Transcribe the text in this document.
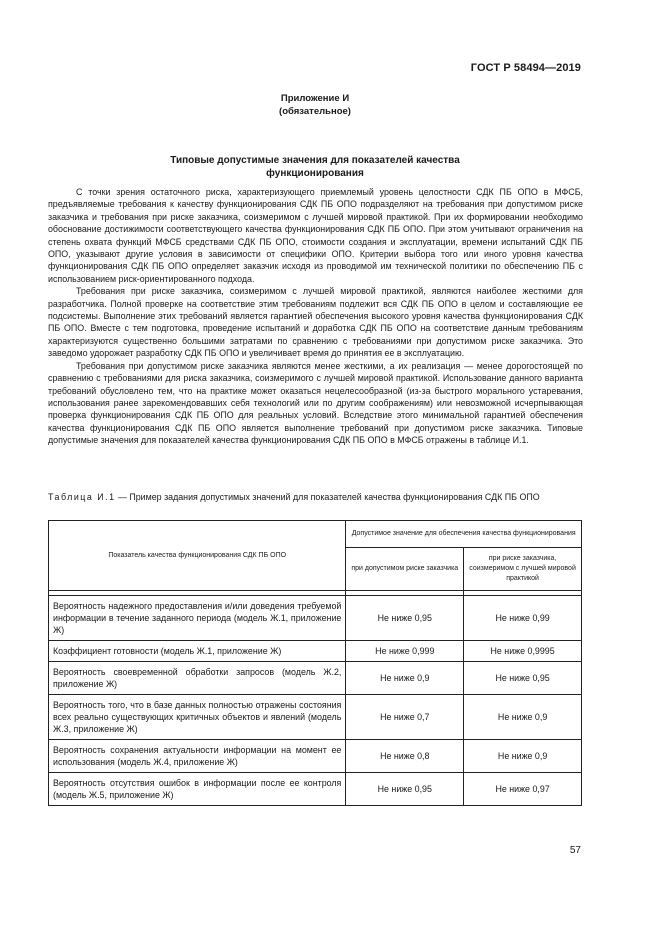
ГОСТ Р 58494—2019
Приложение И
(обязательное)
Типовые допустимые значения для показателей качества
функционирования

С точки зрения остаточного риска, характеризующего приемлемый уровень целостности СДК ПБ ОПО в МФСБ, предъявляемые требования к качеству функционирования СДК ПБ ОПО подразделяют на требования при допустимом риске заказчика и требования при риске заказчика, соизмеримом с лучшей мировой практикой. При их формировании необходимо обоснование достижимости соответствующего качества функционирования СДК ПБ ОПО. При этом учитывают ограничения на степень охвата функций МФСБ средствами СДК ПБ ОПО, стоимости создания и эксплуатации, времени испытаний СДК ПБ ОПО, указывают другие условия в зависимости от специфики ОПО. Критерии выбора того или иного уровня качества функционирования СДК ПБ ОПО определяет заказчик исходя из проводимой им технической политики по обеспечению ПБ с использованием риск-ориентированного подхода.

Требования при риске заказчика, соизмеримом с лучшей мировой практикой, являются наиболее жесткими для разработчика. Полной проверке на соответствие этим требованиям подлежит вся СДК ПБ ОПО в целом и составляющие ее подсистемы. Выполнение этих требований является гарантией обеспечения высокого уровня качества функционирования СДК ПБ ОПО. Вместе с тем подготовка, проведение испытаний и доработка СДК ПБ ОПО на соответствие данным требованиям характеризуются существенно большими затратами по сравнению с требованиями при допустимом риске заказчика. Это заведомо удорожает разработку СДК ПБ ОПО и увеличивает время до принятия ее в эксплуатацию.

Требования при допустимом риске заказчика являются менее жесткими, а их реализация — менее дорогостоящей по сравнению с требованиями для риска заказчика, соизмеримого с лучшей мировой практикой. Использование данного варианта требований обусловлено тем, что на практике может оказаться нецелесообразной (из-за быстрого морального устаревания, использования ранее зарекомендовавших себя технологий или по другим соображениям) или невозможной исчерпывающая проверка функционирования СДК ПБ ОПО для реальных условий. Вследствие этого минимальной гарантией обеспечения качества функционирования СДК ПБ ОПО является выполнение требований при допустимом риске заказчика. Типовые допустимые значения для показателей качества функционирования СДК ПБ ОПО в МФСБ отражены в таблице И.1.

Таблица И.1 — Пример задания допустимых значений для показателей качества функционирования СДК ПБ ОПО
Показатель качества функционирования СДК ПБ ОПО	Допустимое значение для обеспечения качества функционирования	
	при допустимом риске заказчика	при риске заказчика, соизмеримом с лучшей мировой практикой

Вероятность надежного предоставления и/или доведения требуемой информации в течение заданного периода (модель Ж.1, приложение Ж)	Не ниже 0,95	Не ниже 0,99
Коэффициент готовности (модель Ж.1, приложение Ж)	Не ниже 0,999	Не ниже 0,9995
Вероятность своевременной обработки запросов (модель Ж.2, приложение Ж)	Не ниже 0,9	Не ниже 0,95
Вероятность того, что в базе данных полностью отражены состояния всех реально существующих критичных объектов и явлений (модель Ж.3, приложение Ж)	Не ниже 0,7	Не ниже 0,9
Вероятность сохранения актуальности информации на момент ее использования (модель Ж.4, приложение Ж)	Не ниже 0,8	Не ниже 0,9
Вероятность отсутствия ошибок в информации после ее контроля (модель Ж.5, приложение Ж)	Не ниже 0,95	Не ниже 0,97
57
